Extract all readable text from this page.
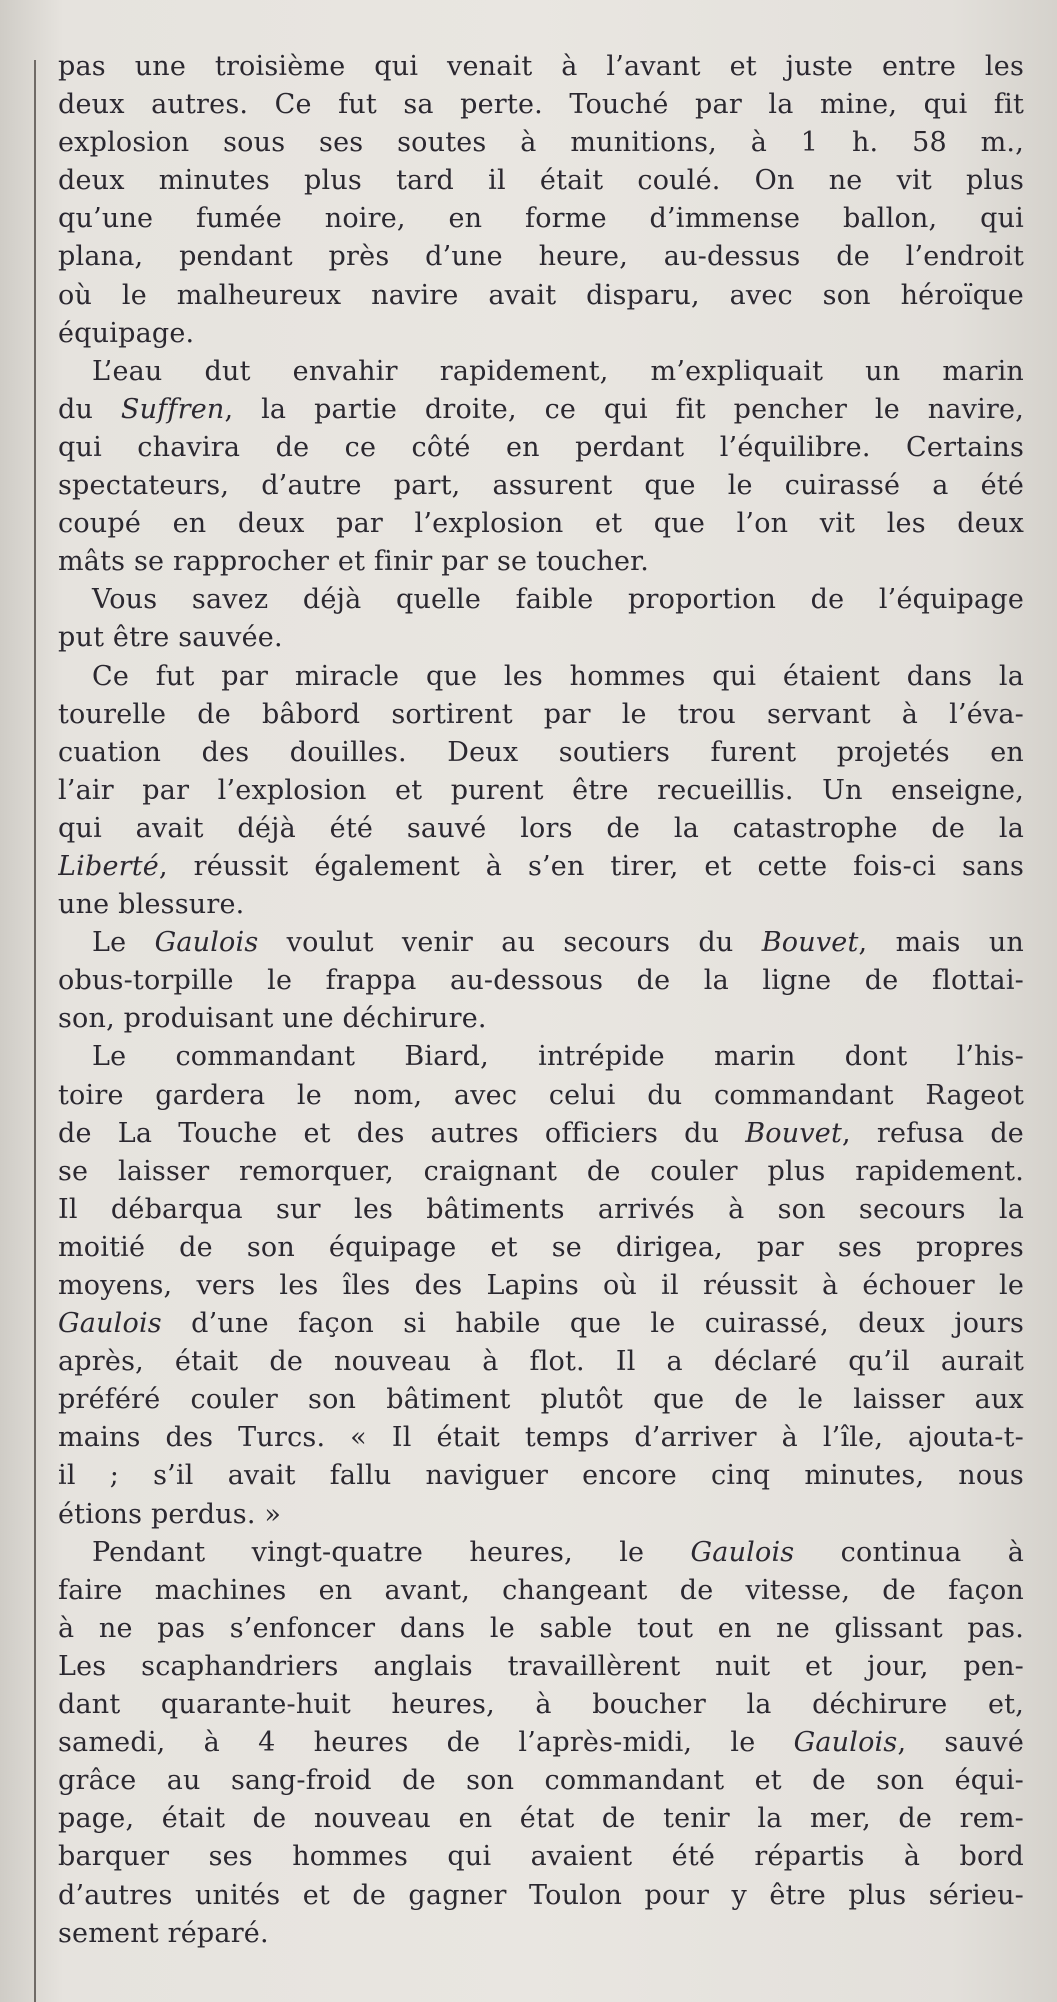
pas une troisième qui venait à l’avant et juste entre les
deux autres. Ce fut sa perte. Touché par la mine, qui fit
explosion sous ses soutes à munitions, à 1 h. 58 m.,
deux minutes plus tard il était coulé. On ne vit plus
qu’une fumée noire, en forme d’immense ballon, qui
plana, pendant près d’une heure, au-dessus de l’endroit
où le malheureux navire avait disparu, avec son héroïque
équipage.
L’eau dut envahir rapidement, m’expliquait un marin
du Suffren, la partie droite, ce qui fit pencher le navire,
qui chavira de ce côté en perdant l’équilibre. Certains
spectateurs, d’autre part, assurent que le cuirassé a été
coupé en deux par l’explosion et que l’on vit les deux
mâts se rapprocher et finir par se toucher.
Vous savez déjà quelle faible proportion de l’équipage
put être sauvée.
Ce fut par miracle que les hommes qui étaient dans la
tourelle de bâbord sortirent par le trou servant à l’éva-
cuation des douilles. Deux soutiers furent projetés en
l’air par l’explosion et purent être recueillis. Un enseigne,
qui avait déjà été sauvé lors de la catastrophe de la
Liberté, réussit également à s’en tirer, et cette fois-ci sans
une blessure.
Le Gaulois voulut venir au secours du Bouvet, mais un
obus-torpille le frappa au-dessous de la ligne de flottai-
son, produisant une déchirure.
Le commandant Biard, intrépide marin dont l’his-
toire gardera le nom, avec celui du commandant Rageot
de La Touche et des autres officiers du Bouvet, refusa de
se laisser remorquer, craignant de couler plus rapidement.
Il débarqua sur les bâtiments arrivés à son secours la
moitié de son équipage et se dirigea, par ses propres
moyens, vers les îles des Lapins où il réussit à échouer le
Gaulois d’une façon si habile que le cuirassé, deux jours
après, était de nouveau à flot. Il a déclaré qu’il aurait
préféré couler son bâtiment plutôt que de le laisser aux
mains des Turcs. « Il était temps d’arriver à l’île, ajouta-t-
il ; s’il avait fallu naviguer encore cinq minutes, nous
étions perdus. »
Pendant vingt-quatre heures, le Gaulois continua à
faire machines en avant, changeant de vitesse, de façon
à ne pas s’enfoncer dans le sable tout en ne glissant pas.
Les scaphandriers anglais travaillèrent nuit et jour, pen-
dant quarante-huit heures, à boucher la déchirure et,
samedi, à 4 heures de l’après-midi, le Gaulois, sauvé
grâce au sang-froid de son commandant et de son équi-
page, était de nouveau en état de tenir la mer, de rem-
barquer ses hommes qui avaient été répartis à bord
d’autres unités et de gagner Toulon pour y être plus sérieu-
sement réparé.
